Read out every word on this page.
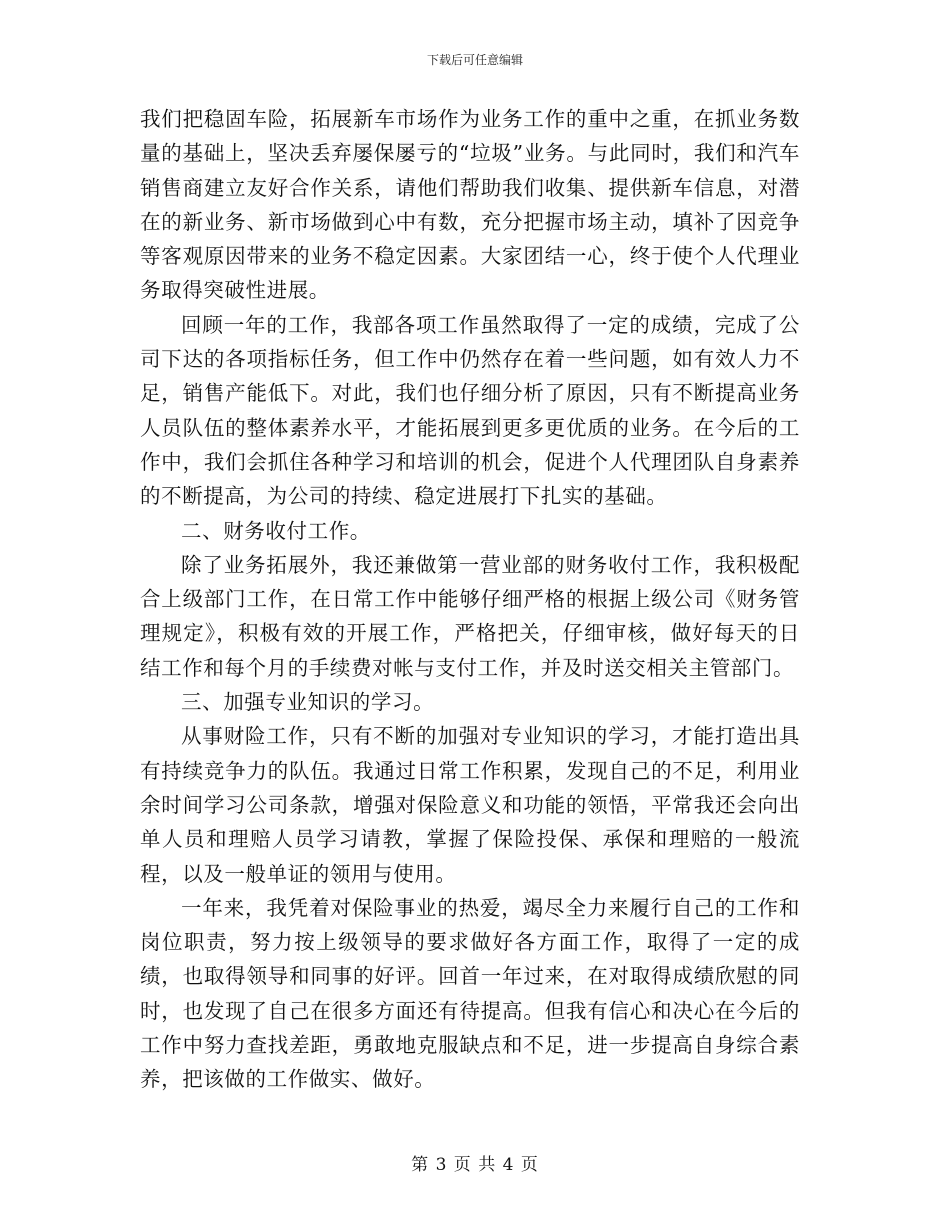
下载后可任意编辑

我们把稳固车险，拓展新车市场作为业务工作的重中之重，在抓业务数量的基础上，坚决丢弃屡保屡亏的“垃圾”业务。与此同时，我们和汽车销售商建立友好合作关系，请他们帮助我们收集、提供新车信息，对潜在的新业务、新市场做到心中有数，充分把握市场主动，填补了因竞争等客观原因带来的业务不稳定因素。大家团结一心，终于使个人代理业务取得突破性进展。

回顾一年的工作，我部各项工作虽然取得了一定的成绩，完成了公司下达的各项指标任务，但工作中仍然存在着一些问题，如有效人力不足，销售产能低下。对此，我们也仔细分析了原因，只有不断提高业务人员队伍的整体素养水平，才能拓展到更多更优质的业务。在今后的工作中，我们会抓住各种学习和培训的机会，促进个人代理团队自身素养的不断提高，为公司的持续、稳定进展打下扎实的基础。

二、财务收付工作。

除了业务拓展外，我还兼做第一营业部的财务收付工作，我积极配合上级部门工作，在日常工作中能够仔细严格的根据上级公司《财务管理规定》，积极有效的开展工作，严格把关，仔细审核，做好每天的日结工作和每个月的手续费对帐与支付工作，并及时送交相关主管部门。

三、加强专业知识的学习。

从事财险工作，只有不断的加强对专业知识的学习，才能打造出具有持续竞争力的队伍。我通过日常工作积累，发现自己的不足，利用业余时间学习公司条款，增强对保险意义和功能的领悟，平常我还会向出单人员和理赔人员学习请教，掌握了保险投保、承保和理赔的一般流程，以及一般单证的领用与使用。

一年来，我凭着对保险事业的热爱，竭尽全力来履行自己的工作和岗位职责，努力按上级领导的要求做好各方面工作，取得了一定的成绩，也取得领导和同事的好评。回首一年过来，在对取得成绩欣慰的同时，也发现了自己在很多方面还有待提高。但我有信心和决心在今后的工作中努力查找差距，勇敢地克服缺点和不足，进一步提高自身综合素养，把该做的工作做实、做好。

第 3 页 共 4 页
